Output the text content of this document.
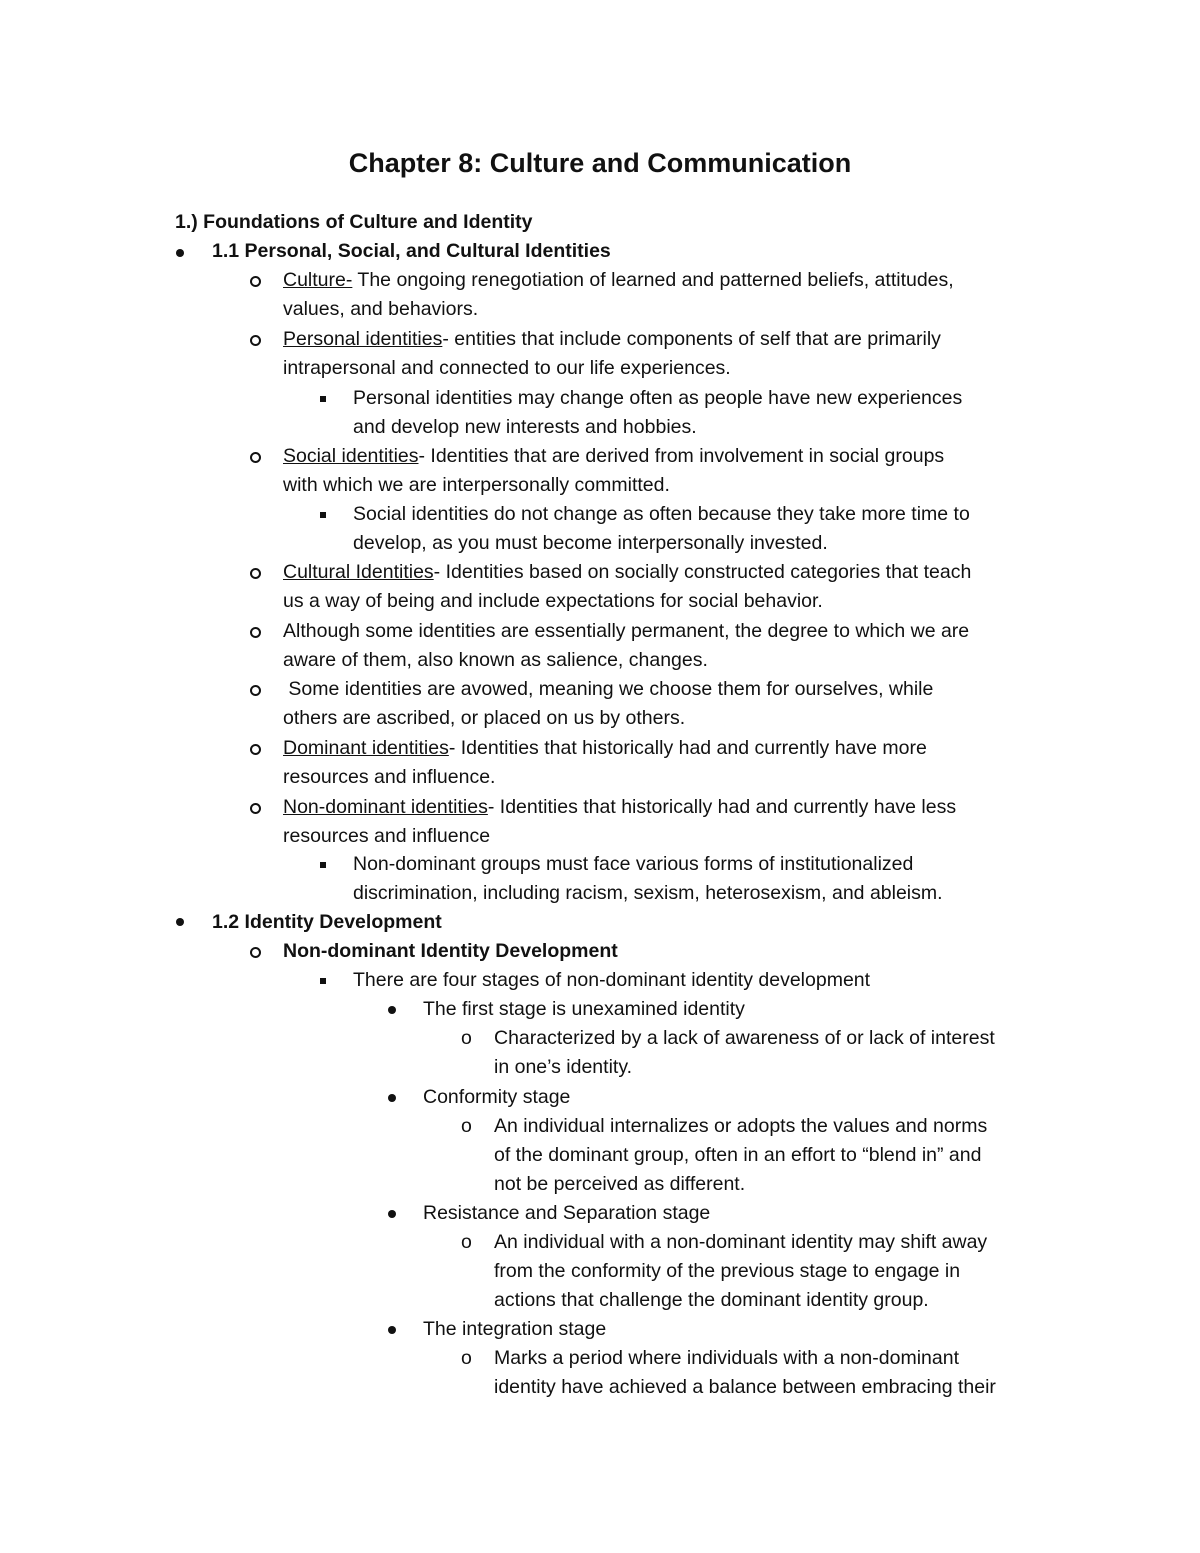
Chapter 8: Culture and Communication
1.) Foundations of Culture and Identity
1.1 Personal, Social, and Cultural Identities
Culture- The ongoing renegotiation of learned and patterned beliefs, attitudes,
values, and behaviors.
Personal identities- entities that include components of self that are primarily
intrapersonal and connected to our life experiences.
Personal identities may change often as people have new experiences
and develop new interests and hobbies.
Social identities- Identities that are derived from involvement in social groups
with which we are interpersonally committed.
Social identities do not change as often because they take more time to
develop, as you must become interpersonally invested.
Cultural Identities- Identities based on socially constructed categories that teach
us a way of being and include expectations for social behavior.
Although some identities are essentially permanent, the degree to which we are
aware of them, also known as salience, changes.
Some identities are avowed, meaning we choose them for ourselves, while
others are ascribed, or placed on us by others.
Dominant identities- Identities that historically had and currently have more
resources and influence.
Non-dominant identities- Identities that historically had and currently have less
resources and influence
Non-dominant groups must face various forms of institutionalized
discrimination, including racism, sexism, heterosexism, and ableism.
1.2 Identity Development
Non-dominant Identity Development
There are four stages of non-dominant identity development
The first stage is unexamined identity
o Characterized by a lack of awareness of or lack of interest
in one’s identity.
Conformity stage
o An individual internalizes or adopts the values and norms
of the dominant group, often in an effort to “blend in” and
not be perceived as different.
Resistance and Separation stage
o An individual with a non-dominant identity may shift away
from the conformity of the previous stage to engage in
actions that challenge the dominant identity group.
The integration stage
o Marks a period where individuals with a non-dominant
identity have achieved a balance between embracing their
